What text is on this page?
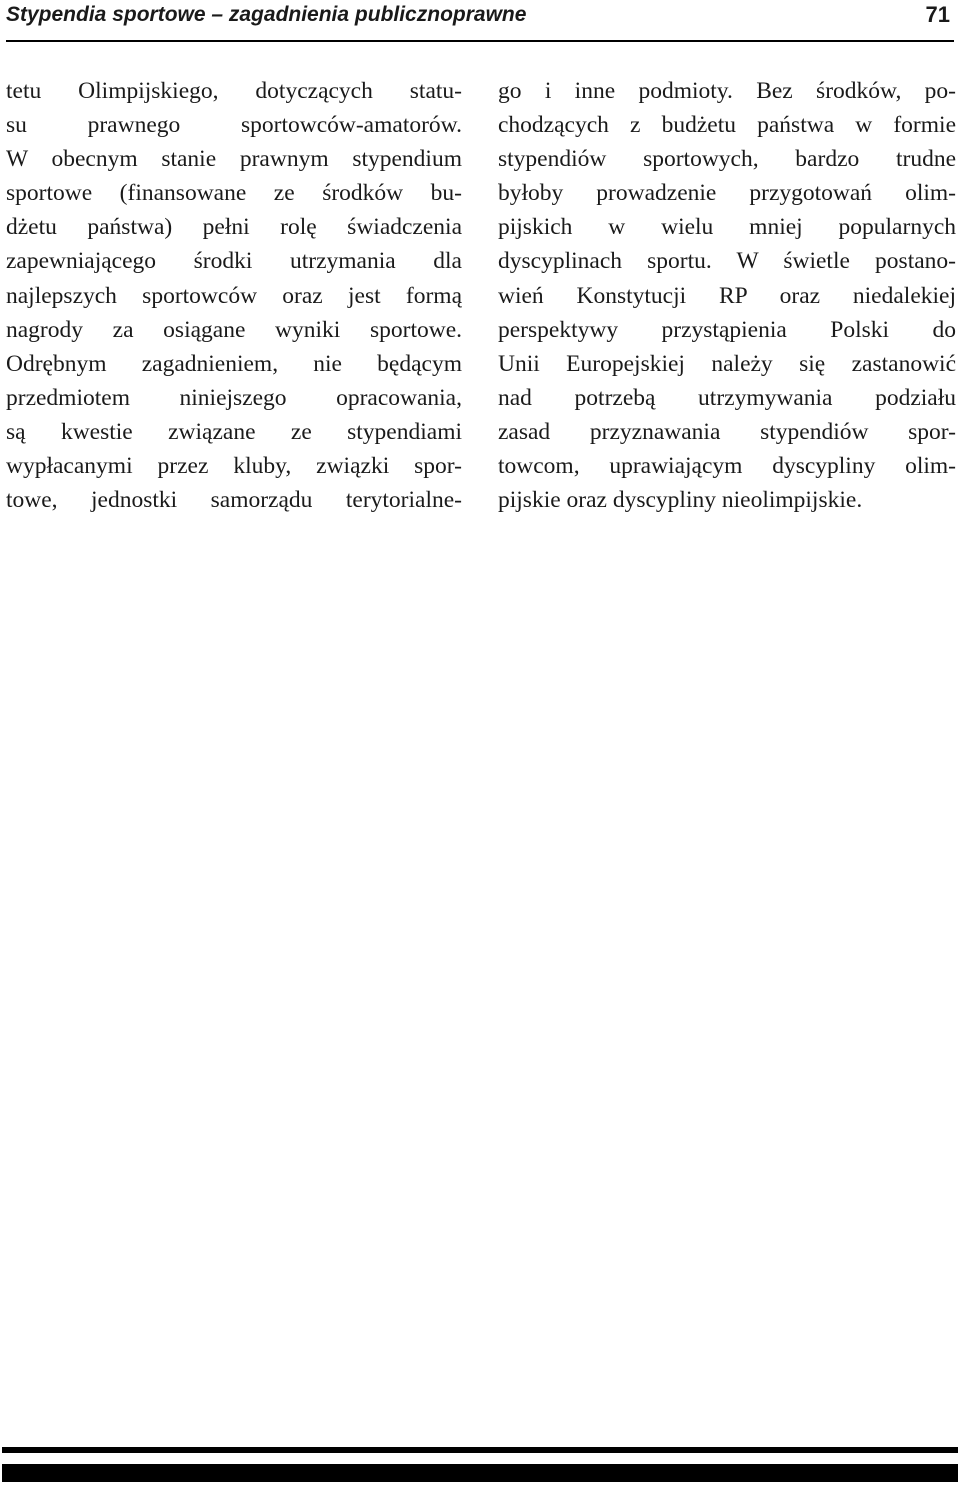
Stypendia sportowe – zagadnienia publicznoprawne	71
tetu Olimpijskiego, dotyczących statu-
su prawnego sportowców-amatorów.
W obecnym stanie prawnym stypendium
sportowe (finansowane ze środków bu-
dżetu państwa) pełni rolę świadczenia
zapewniającego środki utrzymania dla
najlepszych sportowców oraz jest formą
nagrody za osiągane wyniki sportowe.
Odrębnym zagadnieniem, nie będącym
przedmiotem niniejszego opracowania,
są kwestie związane ze stypendiami
wypłacanymi przez kluby, związki spor-
towe, jednostki samorządu terytorialne-
go i inne podmioty. Bez środków, po-
chodzących z budżetu państwa w formie
stypendiów sportowych, bardzo trudne
byłoby prowadzenie przygotowań olim-
pijskich w wielu mniej popularnych
dyscyplinach sportu. W świetle postano-
wień Konstytucji RP oraz niedalekiej
perspektywy przystąpienia Polski do
Unii Europejskiej należy się zastanowić
nad potrzebą utrzymywania podziału
zasad przyznawania stypendiów spor-
towcom, uprawiającym dyscypliny olim-
pijskie oraz dyscypliny nieolimpijskie.
